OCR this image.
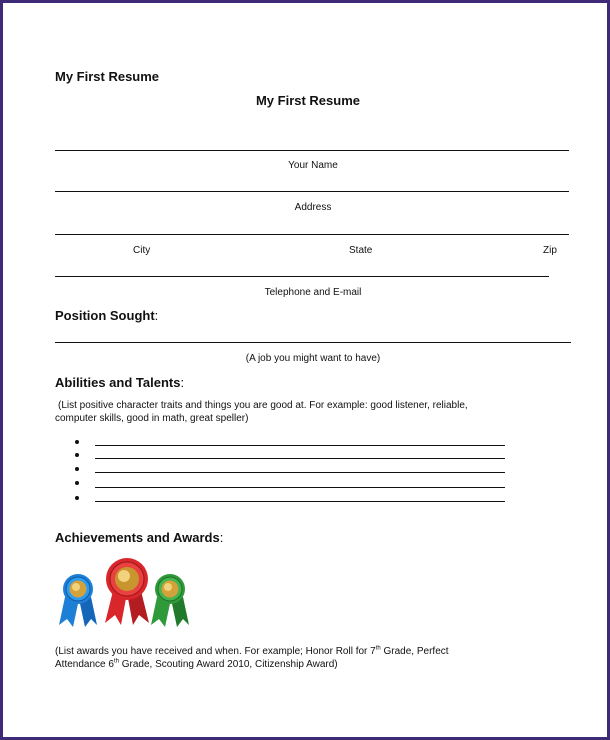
My First Resume
My First Resume
Your Name
Address
City	State	Zip
Telephone and E-mail
Position Sought:
(A job you might want to have)
Abilities and Talents:
(List positive character traits and things you are good at. For example: good listener, reliable,
computer skills, good in math, great speller)
Achievements and Awards:
(List awards you have received and when. For example; Honor Roll for 7th Grade, Perfect
Attendance 6th Grade, Scouting Award 2010, Citizenship Award)
